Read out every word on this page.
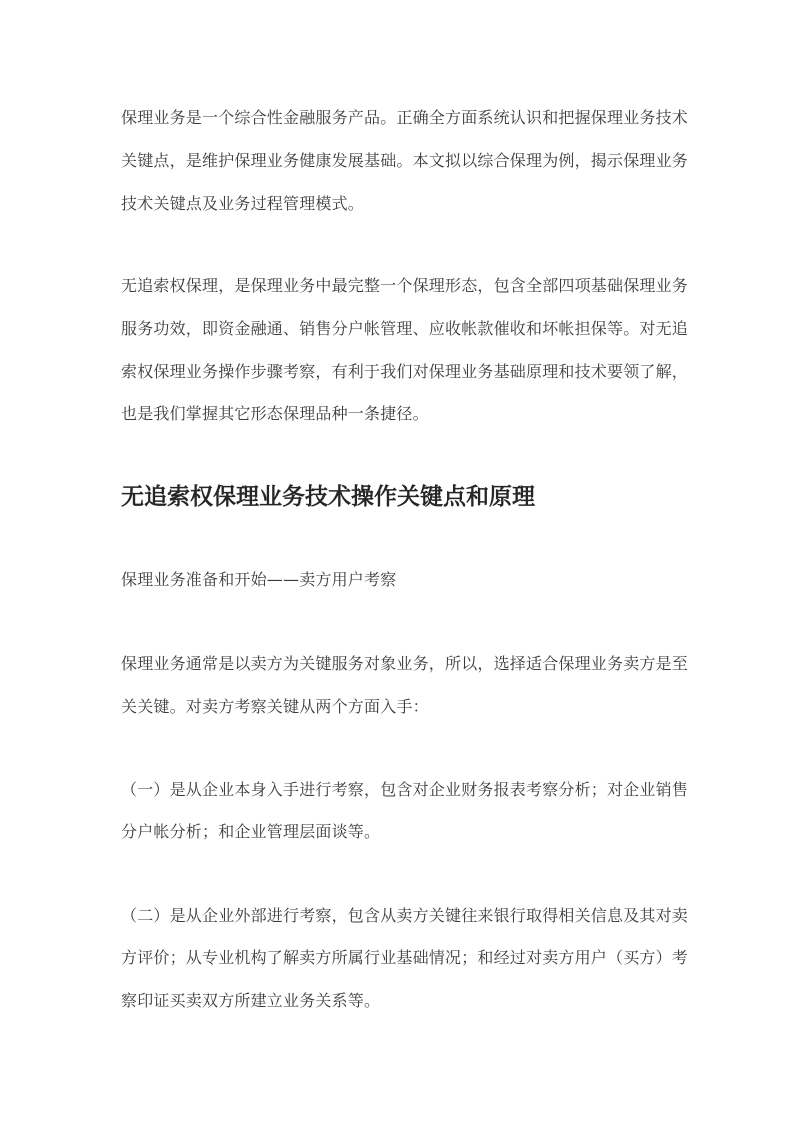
保理业务是一个综合性金融服务产品。正确全方面系统认识和把握保理业务技术
关键点，是维护保理业务健康发展基础。本文拟以综合保理为例，揭示保理业务
技术关键点及业务过程管理模式。
无追索权保理，是保理业务中最完整一个保理形态，包含全部四项基础保理业务
服务功效，即资金融通、销售分户帐管理、应收帐款催收和坏帐担保等。对无追
索权保理业务操作步骤考察，有利于我们对保理业务基础原理和技术要领了解，
也是我们掌握其它形态保理品种一条捷径。
无追索权保理业务技术操作关键点和原理
保理业务准备和开始——卖方用户考察
保理业务通常是以卖方为关键服务对象业务，所以，选择适合保理业务卖方是至
关关键。对卖方考察关键从两个方面入手：
（一）是从企业本身入手进行考察，包含对企业财务报表考察分析；对企业销售
分户帐分析；和企业管理层面谈等。
（二）是从企业外部进行考察，包含从卖方关键往来银行取得相关信息及其对卖
方评价；从专业机构了解卖方所属行业基础情况；和经过对卖方用户（买方）考
察印证买卖双方所建立业务关系等。
